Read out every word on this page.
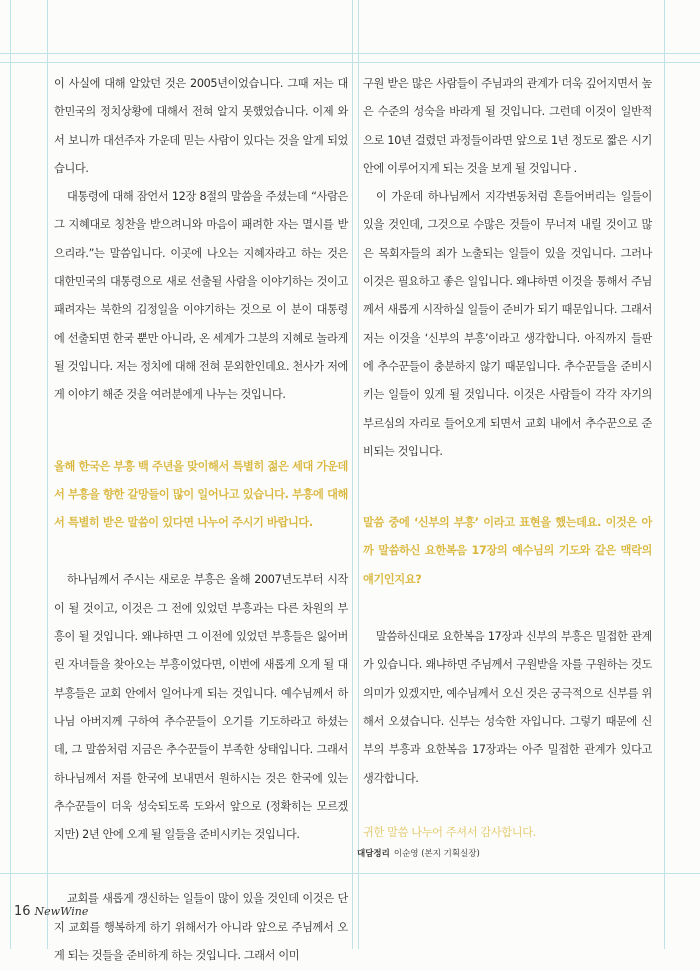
이 사실에 대해 알았던 것은 2005년이었습니다. 그때 저는 대한민국의 정치상황에 대해서 전혀 알지 못했었습니다. 이제 와서 보니까 대선주자 가운데 믿는 사람이 있다는 것을 알게 되었습니다.

대통령에 대해 잠언서 12장 8절의 말씀을 주셨는데 “사람은 그 지혜대로 칭찬을 받으려니와 마음이 패려한 자는 멸시를 받으리라.”는 말씀입니다. 이곳에 나오는 지혜자라고 하는 것은 대한민국의 대통령으로 새로 선출될 사람을 이야기하는 것이고 패려자는 북한의 김정일을 이야기하는 것으로 이 분이 대통령에 선출되면 한국 뿐만 아니라, 온 세계가 그분의 지혜로 놀라게 될 것입니다. 저는 정치에 대해 전혀 문외한인데요. 천사가 저에게 이야기 해준 것을 여러분에게 나누는 것입니다.

올해 한국은 부흥 백 주년을 맞이해서 특별히 젊은 세대 가운데서 부흥을 향한 갈망들이 많이 일어나고 있습니다. 부흥에 대해서 특별히 받은 말씀이 있다면 나누어 주시기 바랍니다.

하나님께서 주시는 새로운 부흥은 올해 2007년도부터 시작이 될 것이고, 이것은 그 전에 있었던 부흥과는 다른 차원의 부흥이 될 것입니다. 왜냐하면 그 이전에 있었던 부흥들은 잃어버린 자녀들을 찾아오는 부흥이었다면, 이번에 새롭게 오게 될 대 부흥들은 교회 안에서 일어나게 되는 것입니다. 예수님께서 하나님 아버지께 구하여 추수꾼들이 오기를 기도하라고 하셨는데, 그 말씀처럼 지금은 추수꾼들이 부족한 상태입니다. 그래서 하나님께서 저를 한국에 보내면서 원하시는 것은 한국에 있는 추수꾼들이 더욱 성숙되도록 도와서 앞으로 (정확히는 모르겠지만) 2년 안에 오게 될 일들을 준비시키는 것입니다.

교회를 새롭게 갱신하는 일들이 많이 있을 것인데 이것은 단지 교회를 행복하게 하기 위해서가 아니라 앞으로 주님께서 오게 되는 것들을 준비하게 하는 것입니다. 그래서 이미

구원 받은 많은 사람들이 주님과의 관계가 더욱 깊어지면서 높은 수준의 성숙을 바라게 될 것입니다. 그런데 이것이 일반적으로 10년 걸렸던 과정들이라면 앞으로 1년 정도로 짧은 시기 안에 이루어지게 되는 것을 보게 될 것입니다 .

이 가운데 하나님께서 지각변동처럼 흔들어버리는 일들이 있을 것인데, 그것으로 수많은 것들이 무너져 내릴 것이고 많은 목회자들의 죄가 노출되는 일들이 있을 것입니다. 그러나 이것은 필요하고 좋은 일입니다. 왜냐하면 이것을 통해서 주님께서 새롭게 시작하실 일들이 준비가 되기 때문입니다. 그래서 저는 이것을 ‘신부의 부흥’이라고 생각합니다. 아직까지 들판에 추수꾼들이 충분하지 않기 때문입니다. 추수꾼들을 준비시키는 일들이 있게 될 것입니다. 이것은 사람들이 각각 자기의 부르심의 자리로 들어오게 되면서 교회 내에서 추수꾼으로 준비되는 것입니다.

말씀 중에 ‘신부의 부흥’ 이라고 표현을 했는데요. 이것은 아까 말씀하신 요한복음 17장의 예수님의 기도와 같은 맥락의 얘기인지요?

말씀하신대로 요한복음 17장과 신부의 부흥은 밀접한 관계가 있습니다. 왜냐하면 주님께서 구원받을 자를 구원하는 것도 의미가 있겠지만, 예수님께서 오신 것은 궁극적으로 신부를 위해서 오셨습니다. 신부는 성숙한 자입니다. 그렇기 때문에 신부의 부흥과 요한복음 17장과는 아주 밀접한 관계가 있다고 생각합니다.

귀한 말씀 나누어 주셔서 감사합니다.

대담정리 이순영 (본지 기획실장)
16 NewWine
